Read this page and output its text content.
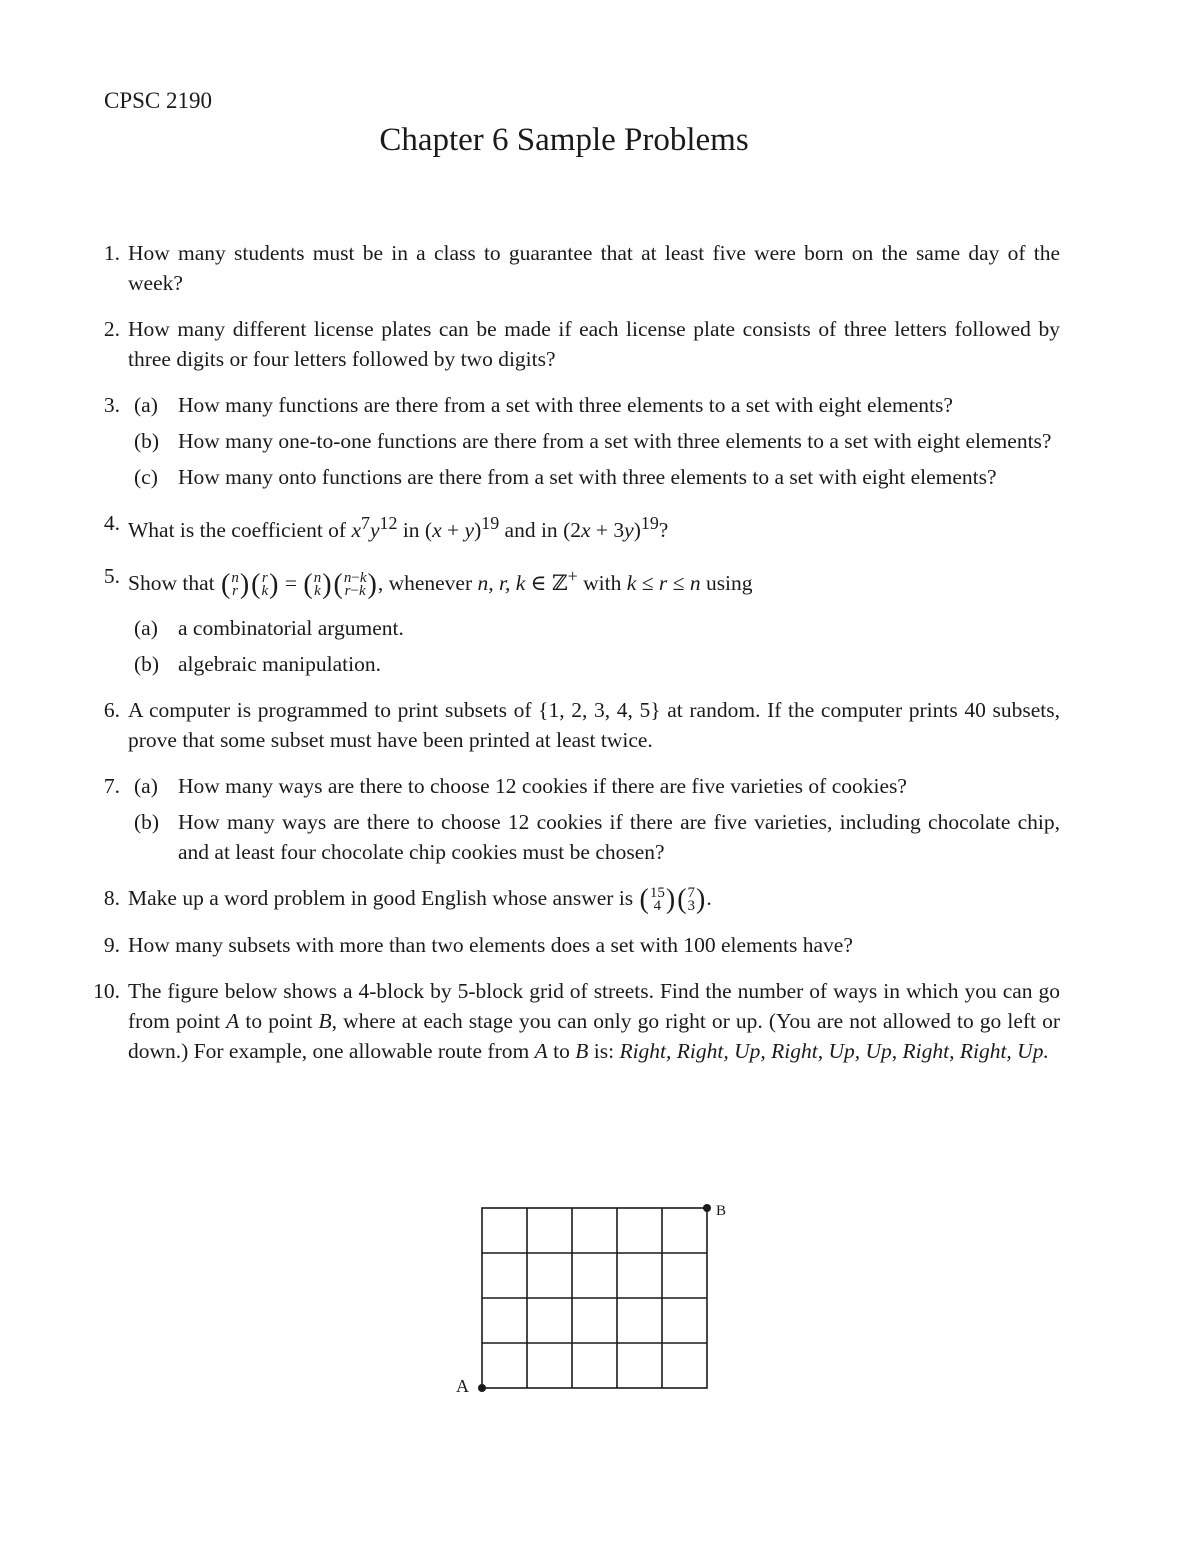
CPSC 2190
Chapter 6 Sample Problems
1. How many students must be in a class to guarantee that at least five were born on the same day of the week?
2. How many different license plates can be made if each license plate consists of three letters followed by three digits or four letters followed by two digits?
3. (a) How many functions are there from a set with three elements to a set with eight elements?
(b) How many one-to-one functions are there from a set with three elements to a set with eight elements?
(c) How many onto functions are there from a set with three elements to a set with eight elements?
4. What is the coefficient of $x^7y^{12}$ in $(x + y)^{19}$ and in $(2x + 3y)^{19}$?
5. Show that ( n
r ) ( r
k ) = ( n
k ) ( n−k
r−k ) , whenever n, r, k ∈ ℤ+ with k ≤ r ≤ n using
(a) a combinatorial argument.
(b) algebraic manipulation.
6. A computer is programmed to print subsets of {1, 2, 3, 4, 5} at random. If the computer prints 40 subsets, prove that some subset must have been printed at least twice.
7. (a) How many ways are there to choose 12 cookies if there are five varieties of cookies?
(b) How many ways are there to choose 12 cookies if there are five varieties, including chocolate chip, and at least four chocolate chip cookies must be chosen?
8. Make up a word problem in good English whose answer is ( 15
4 ) ( 7
3 ) .
9. How many subsets with more than two elements does a set with 100 elements have?
10. The figure below shows a 4-block by 5-block grid of streets. Find the number of ways in which you can go from point A to point B, where at each stage you can only go right or up. (You are not allowed to go left or down.) For example, one allowable route from A to B is: Right, Right, Up, Right, Up, Up, Right, Right, Up.
A
B
